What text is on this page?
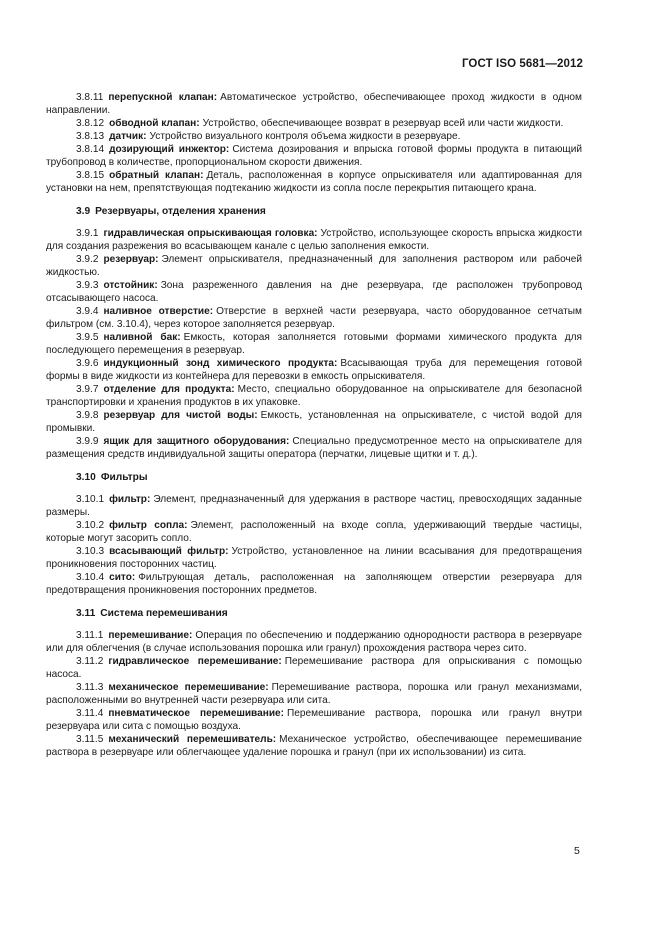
ГОСТ ISO 5681—2012

3.8.11 перепускной клапан: Автоматическое устройство, обеспечивающее проход жидкости в одном направлении.

3.8.12 обводной клапан: Устройство, обеспечивающее возврат в резервуар всей или части жидкости.

3.8.13 датчик: Устройство визуального контроля объема жидкости в резервуаре.

3.8.14 дозирующий инжектор: Система дозирования и впрыска готовой формы продукта в питающий трубопровод в количестве, пропорциональном скорости движения.

3.8.15 обратный клапан: Деталь, расположенная в корпусе опрыскивателя или адаптированная для установки на нем, препятствующая подтеканию жидкости из сопла после перекрытия питающего крана.

3.9 Резервуары, отделения хранения

3.9.1 гидравлическая опрыскивающая головка: Устройство, использующее скорость впрыска жидкости для создания разрежения во всасывающем канале с целью заполнения емкости.

3.9.2 резервуар: Элемент опрыскивателя, предназначенный для заполнения раствором или рабочей жидкостью.

3.9.3 отстойник: Зона разреженного давления на дне резервуара, где расположен трубопровод отсасывающего насоса.

3.9.4 наливное отверстие: Отверстие в верхней части резервуара, часто оборудованное сетчатым фильтром (см. 3.10.4), через которое заполняется резервуар.

3.9.5 наливной бак: Емкость, которая заполняется готовыми формами химического продукта для последующего перемещения в резервуар.

3.9.6 индукционный зонд химического продукта: Всасывающая труба для перемещения готовой формы в виде жидкости из контейнера для перевозки в емкость опрыскивателя.

3.9.7 отделение для продукта: Место, специально оборудованное на опрыскивателе для безопасной транспортировки и хранения продуктов в их упаковке.

3.9.8 резервуар для чистой воды: Емкость, установленная на опрыскивателе, с чистой водой для промывки.

3.9.9 ящик для защитного оборудования: Специально предусмотренное место на опрыскивателе для размещения средств индивидуальной защиты оператора (перчатки, лицевые щитки и т. д.).

3.10 Фильтры

3.10.1 фильтр: Элемент, предназначенный для удержания в растворе частиц, превосходящих заданные размеры.

3.10.2 фильтр сопла: Элемент, расположенный на входе сопла, удерживающий твердые частицы, которые могут засорить сопло.

3.10.3 всасывающий фильтр: Устройство, установленное на линии всасывания для предотвращения проникновения посторонних частиц.

3.10.4 сито: Фильтрующая деталь, расположенная на заполняющем отверстии резервуара для предотвращения проникновения посторонних предметов.

3.11 Система перемешивания

3.11.1 перемешивание: Операция по обеспечению и поддержанию однородности раствора в резервуаре или для облегчения (в случае использования порошка или гранул) прохождения раствора через сито.

3.11.2 гидравлическое перемешивание: Перемешивание раствора для опрыскивания с помощью насоса.

3.11.3 механическое перемешивание: Перемешивание раствора, порошка или гранул механизмами, расположенными во внутренней части резервуара или сита.

3.11.4 пневматическое перемешивание: Перемешивание раствора, порошка или гранул внутри резервуара или сита с помощью воздуха.

3.11.5 механический перемешиватель: Механическое устройство, обеспечивающее перемешивание раствора в резервуаре или облегчающее удаление порошка и гранул (при их использовании) из сита.

5
